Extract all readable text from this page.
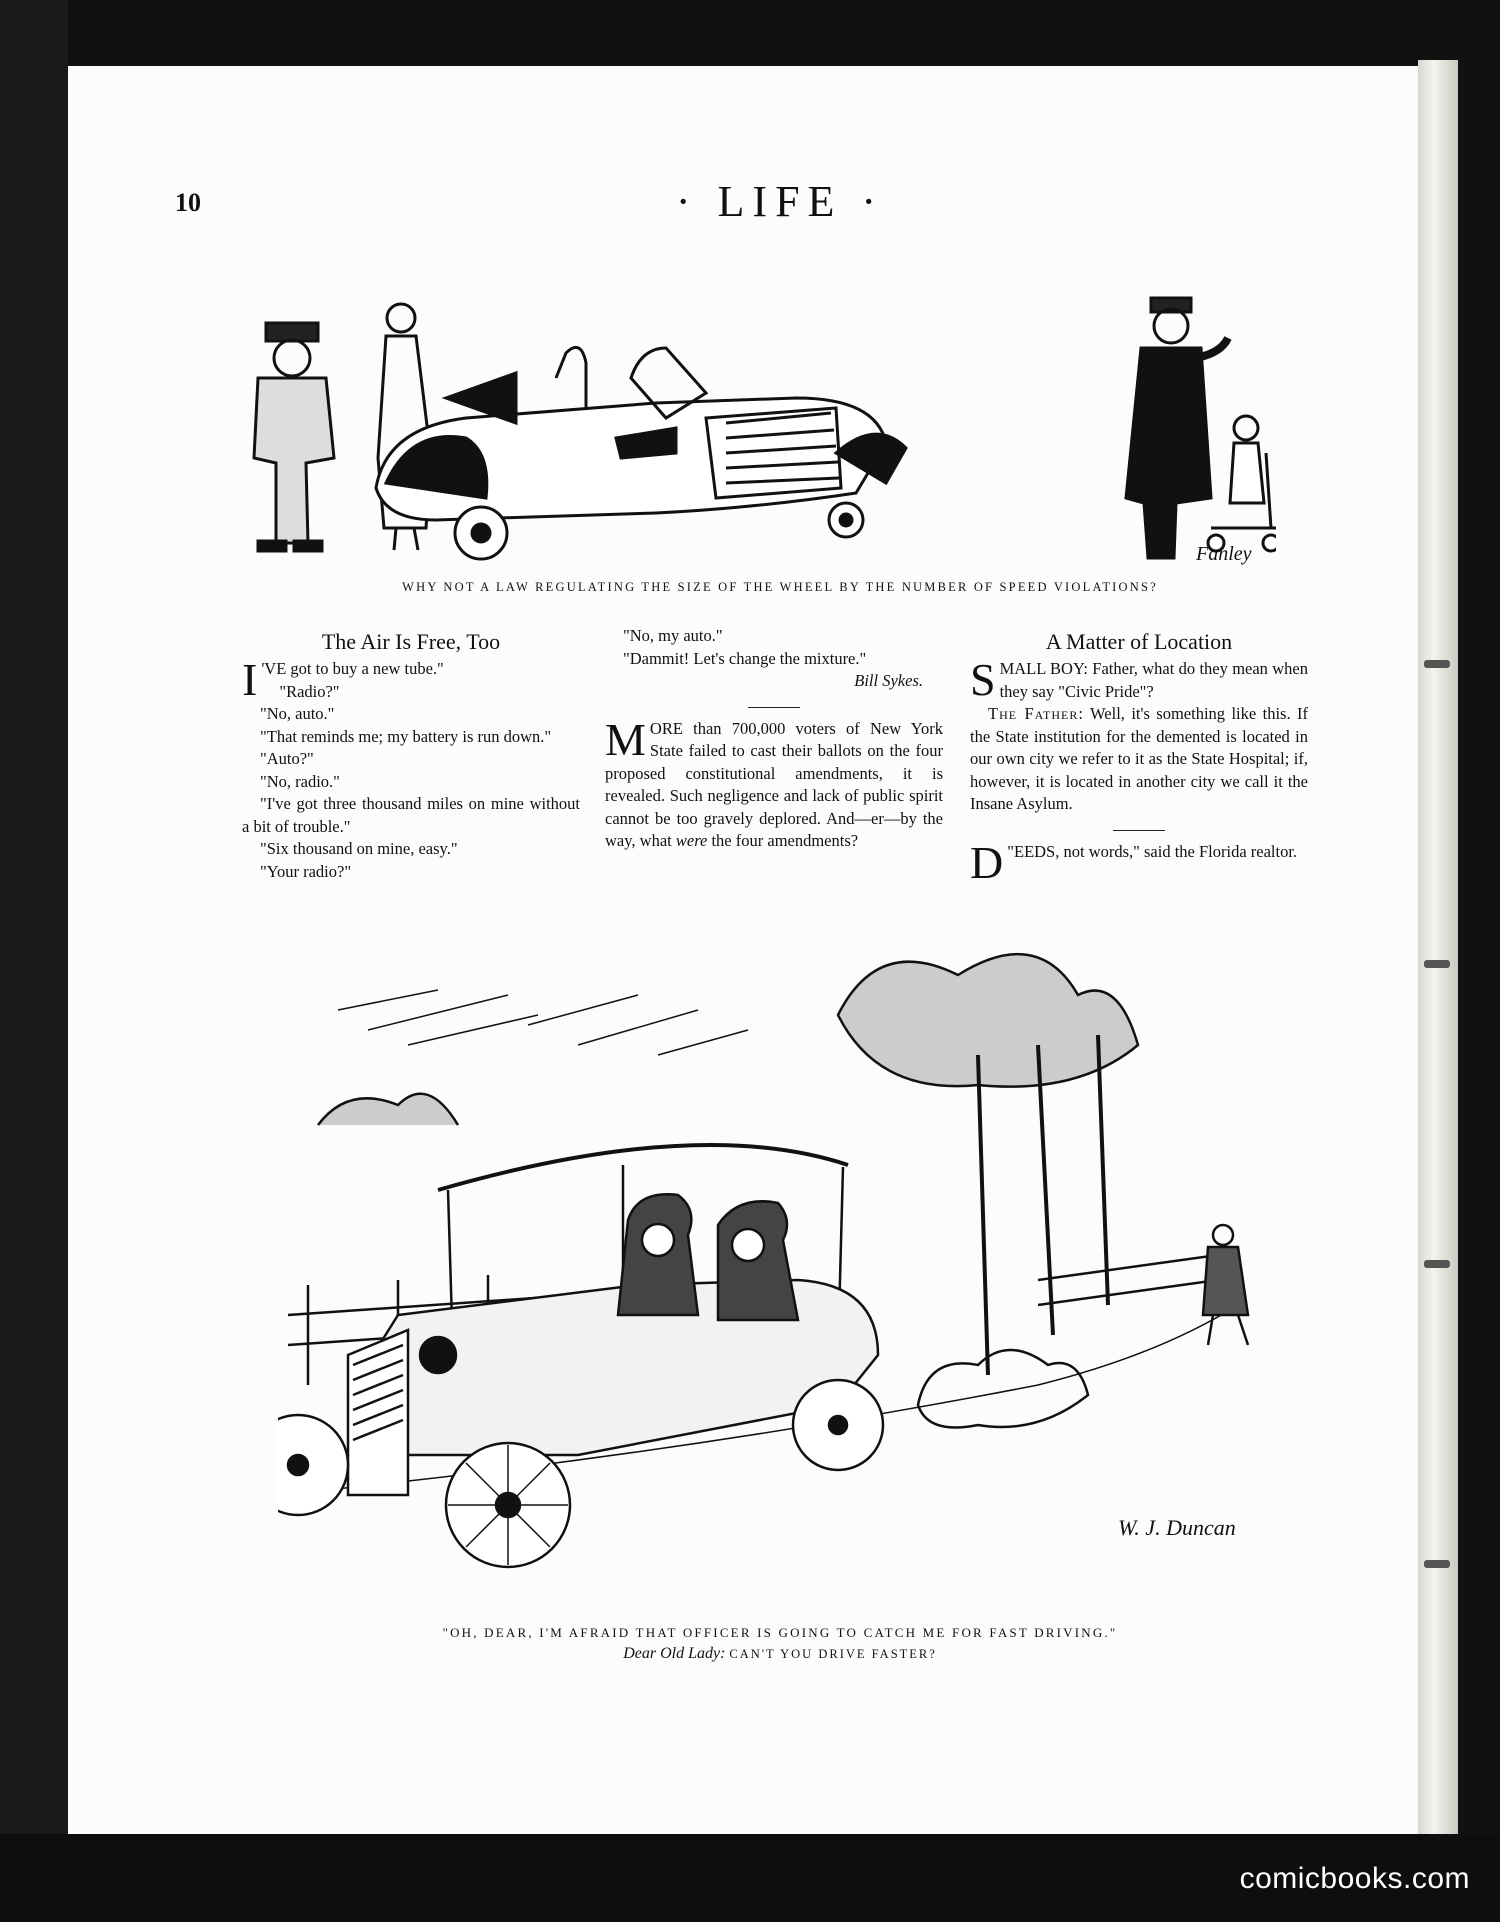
10	· LIFE ·
Fanley
WHY NOT A LAW REGULATING THE SIZE OF THE WHEEL BY THE NUMBER OF SPEED VIOLATIONS?
The Air Is Free, Too

I 'VE got to buy a new tube."

"Radio?"

"No, auto."

"That reminds me; my battery is run down."

"Auto?"

"No, radio."

"I've got three thousand miles on mine without a bit of trouble."

"Six thousand on mine, easy."

"Your radio?"

"No, my auto."

"Dammit! Let's change the mixture."

Bill Sykes.

MORE than 700,000 voters of New York State failed to cast their ballots on the four proposed constitutional amendments, it is revealed. Such negligence and lack of public spirit cannot be too gravely deplored. And—er—by the way, what were the four amendments?

A Matter of Location

SMALL BOY: Father, what do they mean when they say "Civic Pride"?

The Father: Well, it's something like this. If the State institution for the demented is located in our own city we refer to it as the State Hospital; if, however, it is located in another city we call it the Insane Asylum.

"
D EEDS, not words," said the Florida realtor.

W. J. Duncan
"OH, DEAR, I'M AFRAID THAT OFFICER IS GOING TO CATCH ME FOR FAST DRIVING."
Dear Old Lady: CAN'T YOU DRIVE FASTER?
comicbooks.com
